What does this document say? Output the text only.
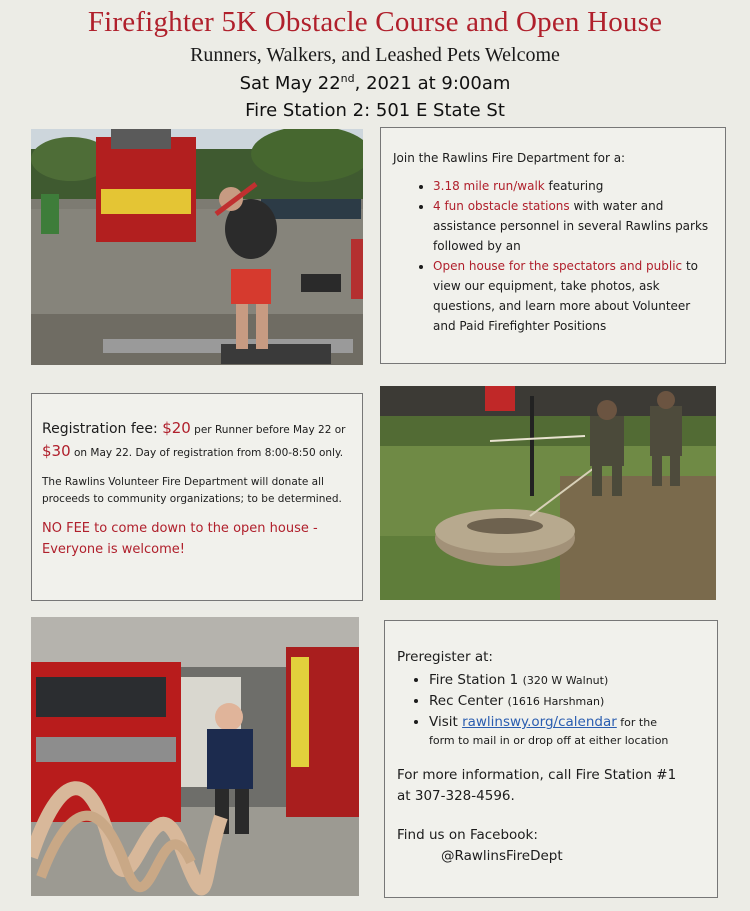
Firefighter 5K Obstacle Course and Open House
Runners, Walkers, and Leashed Pets Welcome
Sat May 22nd, 2021 at 9:00am
Fire Station 2: 501 E State St

Join the Rawlins Fire Department for a:

• 3.18 mile run/walk featuring
• 4 fun obstacle stations with water and assistance personnel in several Rawlins parks followed by an
• Open house for the spectators and public to view our equipment, take photos, ask questions, and learn more about Volunteer and Paid Firefighter Positions
Registration fee: $20 per Runner before May 22 or
$30 on May 22. Day of registration from 8:00-8:50 only.
The Rawlins Volunteer Fire Department will donate all proceeds to community organizations; to be determined.
NO FEE to come down to the open house - Everyone is welcome!
Preregister at:
• Fire Station 1 (320 W Walnut)
• Rec Center (1616 Harshman)
• Visit rawlinswy.org/calendar for the
form to mail in or drop off at either location
For more information, call Fire Station #1
at 307-328-4596.
Find us on Facebook:
@RawlinsFireDept
